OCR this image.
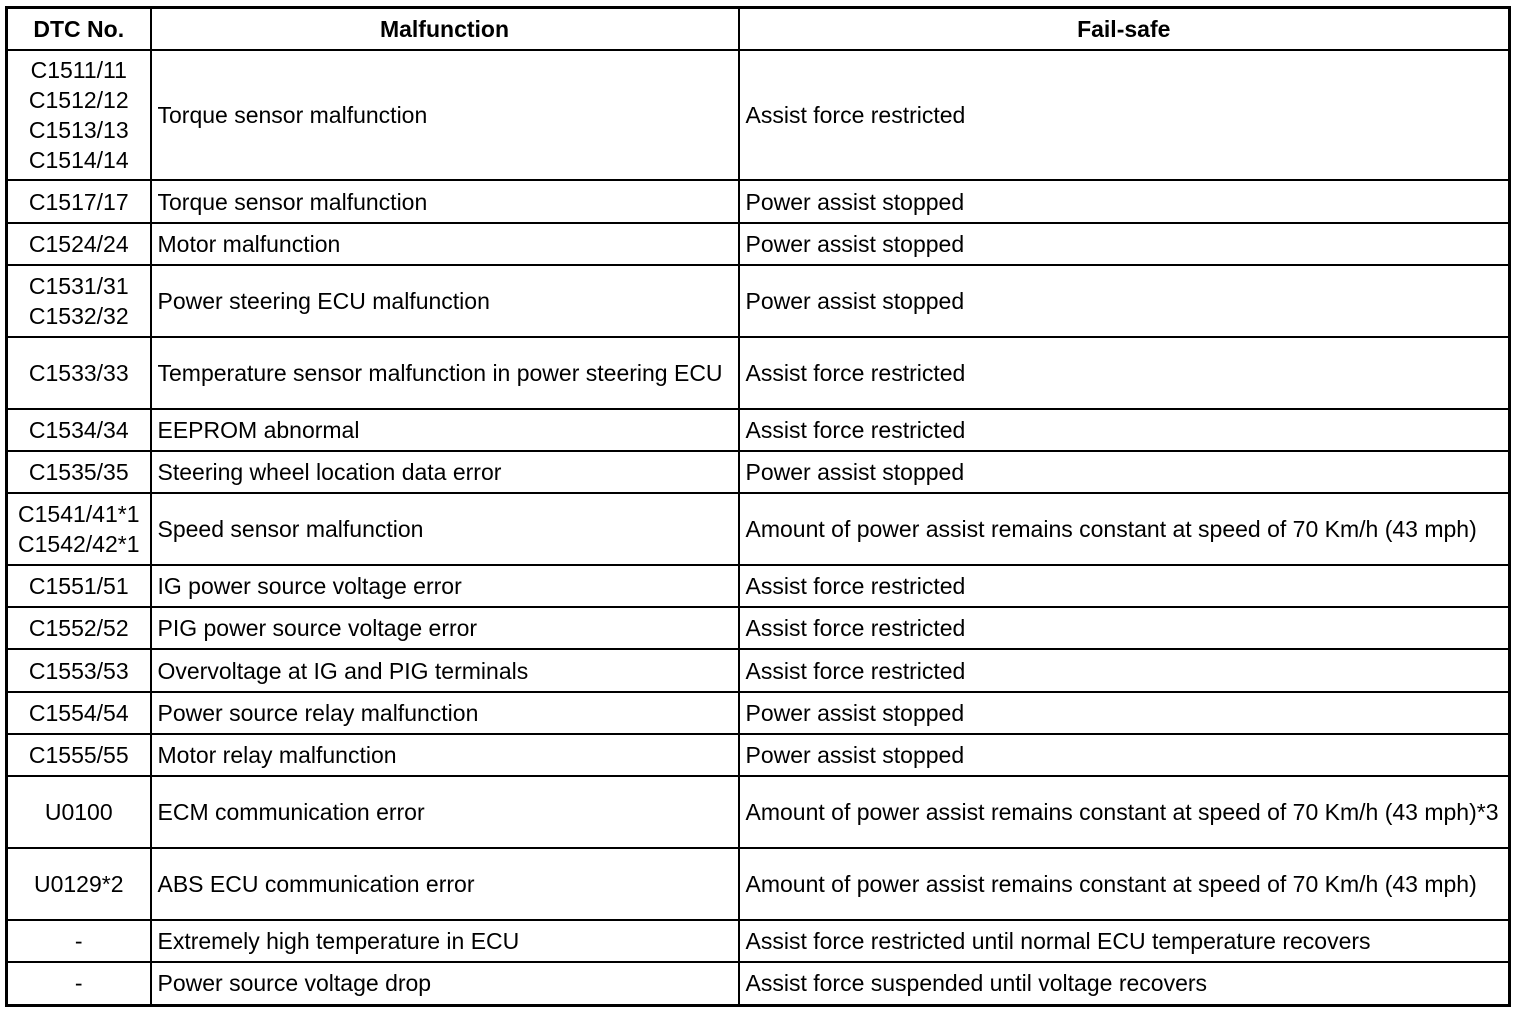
DTC No.	Malfunction	Fail-safe

C1511/11
C1512/12
C1513/13
C1514/14	Torque sensor malfunction	Assist force restricted

C1517/17	Torque sensor malfunction	Power assist stopped

C1524/24	Motor malfunction	Power assist stopped

C1531/31
C1532/32	Power steering ECU malfunction	Power assist stopped

C1533/33	Temperature sensor malfunction in power steering ECU	Assist force restricted

C1534/34	EEPROM abnormal	Assist force restricted

C1535/35	Steering wheel location data error	Power assist stopped

C1541/41*1
C1542/42*1	Speed sensor malfunction	Amount of power assist remains constant at speed of 70 Km/h (43 mph)

C1551/51	IG power source voltage error	Assist force restricted

C1552/52	PIG power source voltage error	Assist force restricted

C1553/53	Overvoltage at IG and PIG terminals	Assist force restricted

C1554/54	Power source relay malfunction	Power assist stopped

C1555/55	Motor relay malfunction	Power assist stopped

U0100	ECM communication error	Amount of power assist remains constant at speed of 70 Km/h (43 mph)*3

U0129*2	ABS ECU communication error	Amount of power assist remains constant at speed of 70 Km/h (43 mph)

-	Extremely high temperature in ECU	Assist force restricted until normal ECU temperature recovers

-	Power source voltage drop	Assist force suspended until voltage recovers
